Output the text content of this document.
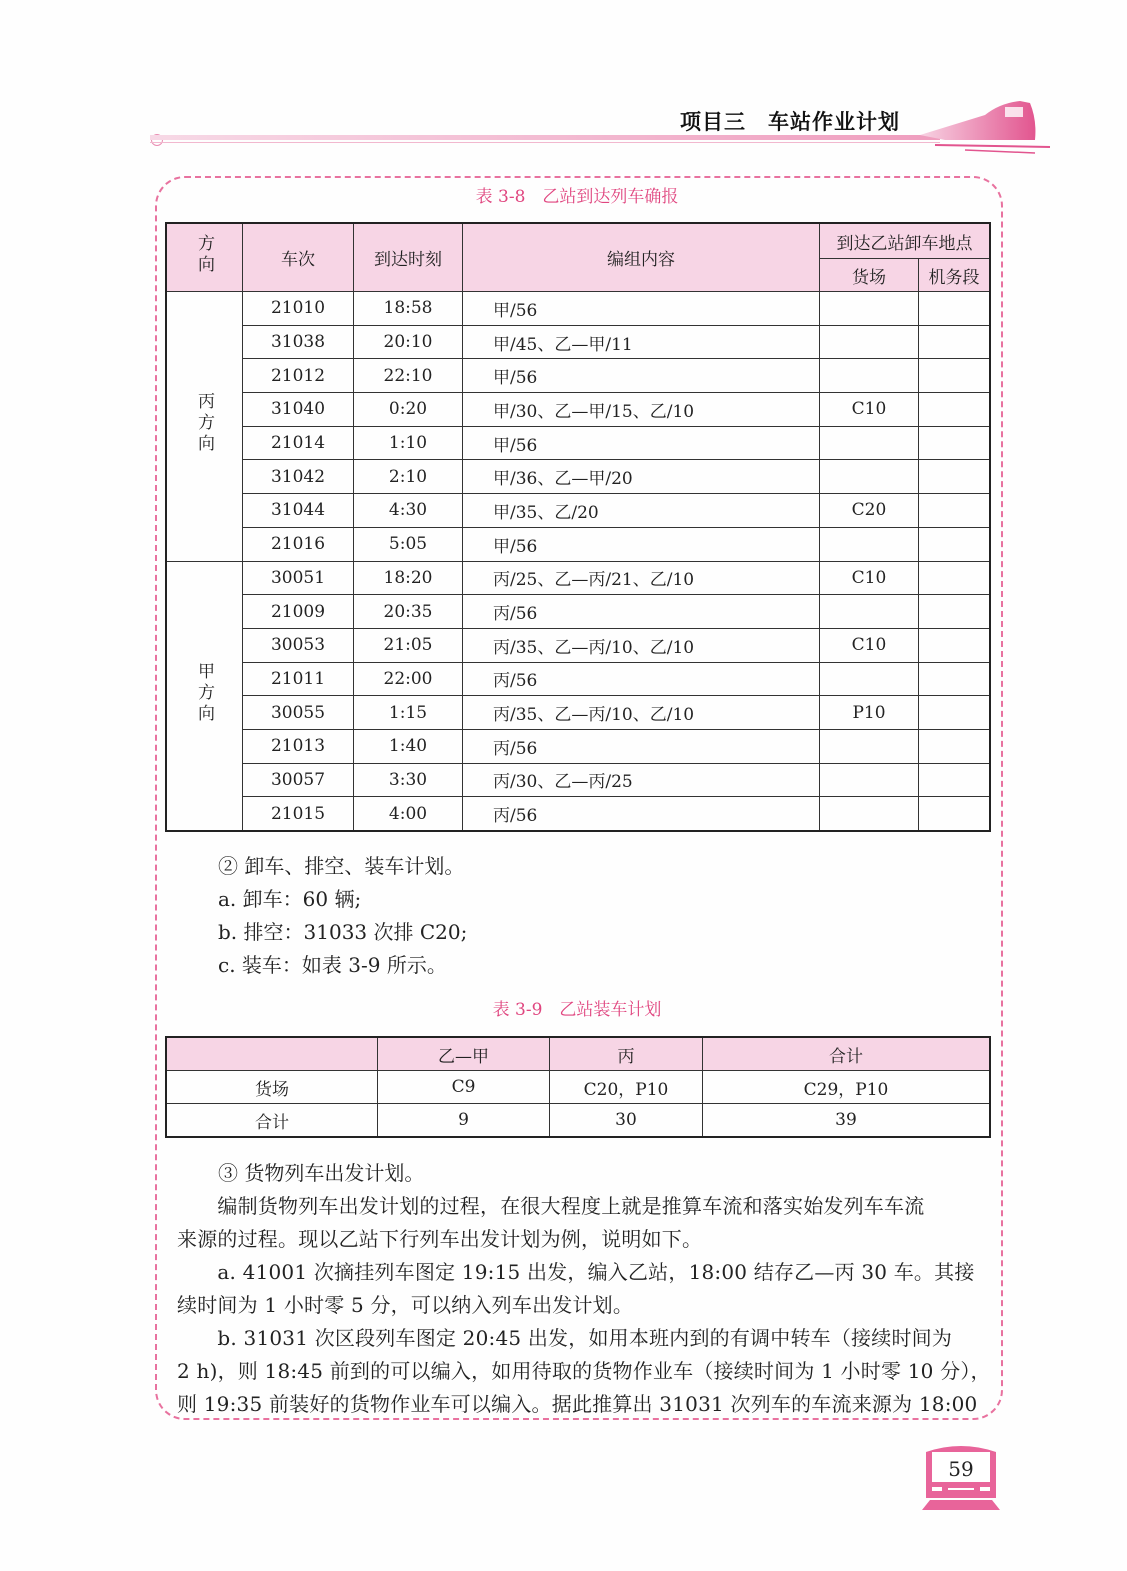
项目三　车站作业计划
表 3-8　乙站到达列车确报
方向	车次	到达时刻	编组内容	到达乙站卸车地点	
				货场	机务段
丙方向	21010	18:58	甲/56		
	31038	20:10	甲/45、乙—甲/11		
	21012	22:10	甲/56		
	31040	0:20	甲/30、乙—甲/15、乙/10	C10	
	21014	1:10	甲/56		
	31042	2:10	甲/36、乙—甲/20		
	31044	4:30	甲/35、乙/20	C20	
	21016	5:05	甲/56		
甲方向	30051	18:20	丙/25、乙—丙/21、乙/10	C10	
	21009	20:35	丙/56		
	30053	21:05	丙/35、乙—丙/10、乙/10	C10	
	21011	22:00	丙/56		
	30055	1:15	丙/35、乙—丙/10、乙/10	P10	
	21013	1:40	丙/56		
	30057	3:30	丙/30、乙—丙/25		
	21015	4:00	丙/56		
② 卸车、排空、装车计划。
a. 卸车：60 辆;
b. 排空：31033 次排 C20;
c. 装车：如表 3-9 所示。
表 3-9　乙站装车计划
	乙—甲	丙	合计
货场	C9	C20，P10	C29，P10
合计	9	30	39
③ 货物列车出发计划。
　　编制货物列车出发计划的过程，在很大程度上就是推算车流和落实始发列车车流
来源的过程。现以乙站下行列车出发计划为例，说明如下。
　　a. 41001 次摘挂列车图定 19:15 出发，编入乙站，18:00 结存乙—丙 30 车。其接
续时间为 1 小时零 5 分，可以纳入列车出发计划。
　　b. 31031 次区段列车图定 20:45 出发，如用本班内到的有调中转车（接续时间为
2 h)，则 18:45 前到的可以编入，如用待取的货物作业车（接续时间为 1 小时零 10 分），
则 19:35 前装好的货物作业车可以编入。据此推算出 31031 次列车的车流来源为 18:00
59
